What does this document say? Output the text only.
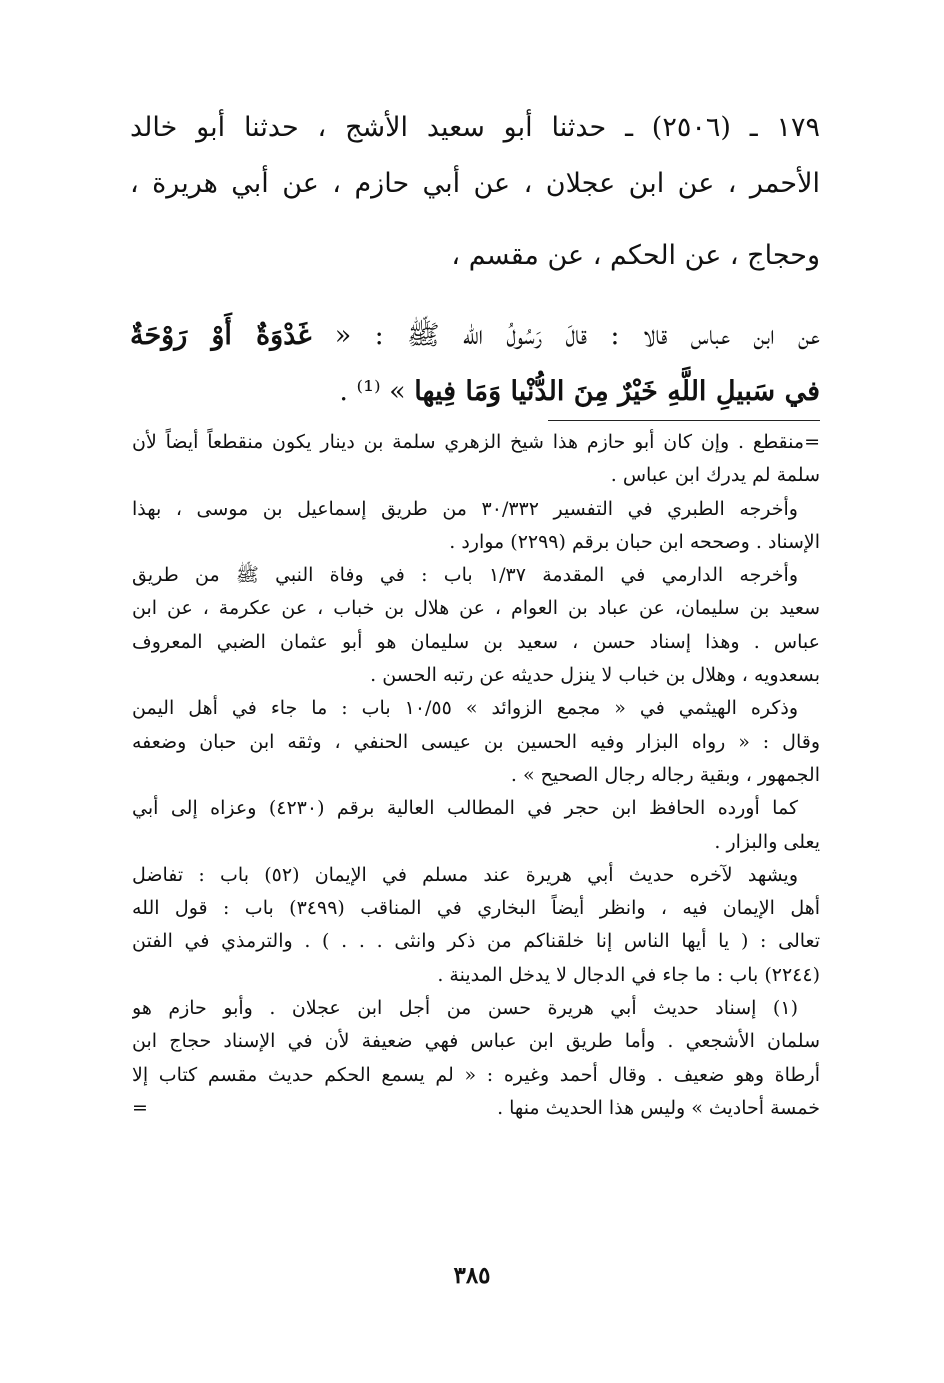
١٧٩ ـ (٢٥٠٦) ـ حدثنا أبو سعيد الأشج ، حدثنا أبو خالد
الأحمر ، عن ابن عجلان ، عن أبي حازم ، عن أبي هريرة ،
وحجاج ، عن الحكم ، عن مقسم ،
عن ابن عباس قالا : قالَ رَسُولُ الله ﷺ : « غَدْوَةٌ أَوْ رَوْحَةٌ
في سَبيلِ اللَّهِ خَيْرٌ مِنَ الدُّنْيا وَمَا فِيها » ⁽¹⁾ .
=منقطع . وإن كان أبو حازم هذا شيخ الزهري سلمة بن دينار يكون منقطعاً أيضاً لأن
سلمة لم يدرك ابن عباس .
وأخرجه الطبري في التفسير ٣٠/٣٣٢ من طريق إسماعيل بن موسى ، بهذا
الإسناد . وصححه ابن حبان برقم (٢٢٩٩) موارد .
وأخرجه الدارمي في المقدمة ١/٣٧ باب : في وفاة النبي ﷺ من طريق
سعيد بن سليمان، عن عباد بن العوام ، عن هلال بن خباب ، عن عكرمة ، عن ابن
عباس . وهذا إسناد حسن ، سعيد بن سليمان هو أبو عثمان الضبي المعروف
بسعدويه ، وهلال بن خباب لا ينزل حديثه عن رتبه الحسن .
وذكره الهيثمي في « مجمع الزوائد » ١٠/٥٥ باب : ما جاء في أهل اليمن
وقال : « رواه البزار وفيه الحسين بن عيسى الحنفي ، وثقه ابن حبان وضعفه
الجمهور ، وبقية رجاله رجال الصحيح » .
كما أورده الحافظ ابن حجر في المطالب العالية برقم (٤٢٣٠) وعزاه إلى أبي
يعلى والبزار .
ويشهد لآخره حديث أبي هريرة عند مسلم في الإيمان (٥٢) باب : تفاضل
أهل الإيمان فيه ، وانظر أيضاً البخاري في المناقب (٣٤٩٩) باب : قول الله
تعالى : ( يا أيها الناس إنا خلقناكم من ذكر وانثى . . . ) . والترمذي في الفتن
(٢٢٤٤) باب : ما جاء في الدجال لا يدخل المدينة .
(١) إسناد حديث أبي هريرة حسن من أجل ابن عجلان . وأبو حازم هو
سلمان الأشجعي . وأما طريق ابن عباس فهي ضعيفة لأن في الإسناد حجاج ابن
أرطاة وهو ضعيف . وقال أحمد وغيره : « لم يسمع الحكم حديث مقسم كتاب إلا
خمسة أحاديث » وليس هذا الحديث منها .
=
٣٨٥
